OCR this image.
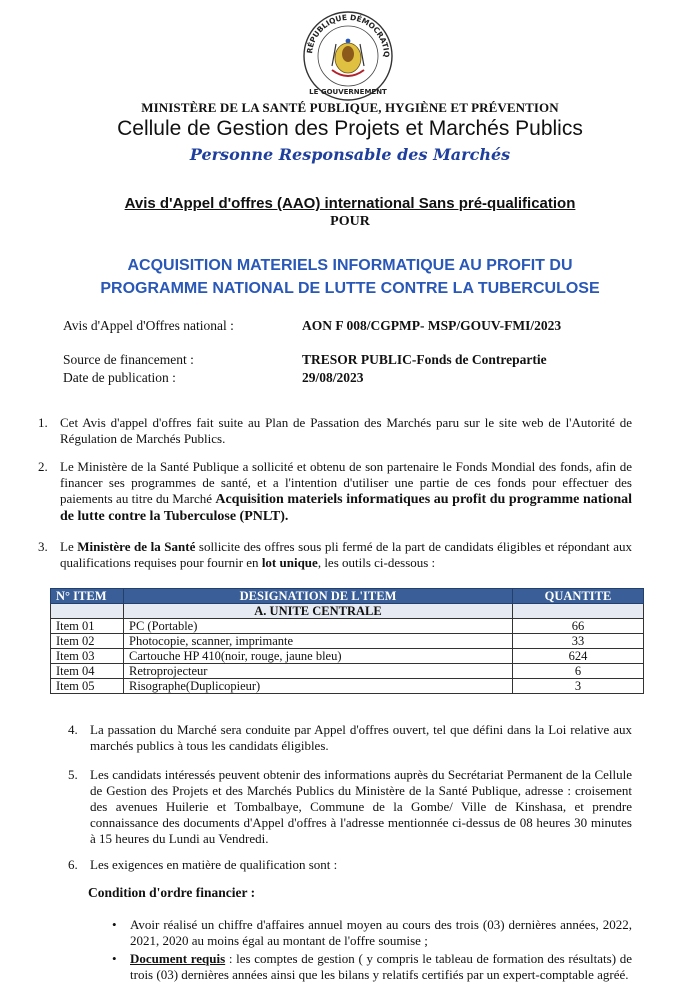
RÉPUBLIQUE DÉMOCRATIQ
LE GOUVERNEMENT
MINISTÈRE DE LA SANTÉ PUBLIQUE, HYGIÈNE ET PRÉVENTION
Cellule de Gestion des Projets et Marchés Publics
Personne Responsable des Marchés
Avis d'Appel d'offres (AAO) international Sans pré-qualification
POUR
ACQUISITION MATERIELS INFORMATIQUE AU PROFIT DU
PROGRAMME NATIONAL DE LUTTE CONTRE LA TUBERCULOSE
Avis d'Appel d'Offres national :	AON F 008/CGPMP- MSP/GOUV-FMI/2023
Source de financement :	TRESOR PUBLIC-Fonds de Contrepartie
Date de publication :	29/08/2023
1. Cet Avis d'appel d'offres fait suite au Plan de Passation des Marchés paru sur le site web de l'Autorité de Régulation de Marchés Publics.
2. Le Ministère de la Santé Publique a sollicité et obtenu de son partenaire le Fonds Mondial des fonds, afin de financer ses programmes de santé, et a l'intention d'utiliser une partie de ces fonds pour effectuer des paiements au titre du Marché Acquisition materiels informatiques au profit du programme national de lutte contre la Tuberculose (PNLT).
3. Le Ministère de la Santé sollicite des offres sous pli fermé de la part de candidats éligibles et répondant aux qualifications requises pour fournir en lot unique, les outils ci-dessous :
N° ITEM	DESIGNATION DE L'ITEM	QUANTITE
	A. UNITE CENTRALE	
Item 01	PC (Portable)	66
Item 02	Photocopie, scanner, imprimante	33
Item 03	Cartouche HP 410(noir, rouge, jaune bleu)	624
Item 04	Retroprojecteur	6
Item 05	Risographe(Duplicopieur)	3
4. La passation du Marché sera conduite par Appel d'offres ouvert, tel que défini dans la Loi relative aux marchés publics à tous les candidats éligibles.
5. Les candidats intéressés peuvent obtenir des informations auprès du Secrétariat Permanent de la Cellule de Gestion des Projets et des Marchés Publics du Ministère de la Santé Publique, adresse : croisement des avenues Huilerie et Tombalbaye, Commune de la Gombe/ Ville de Kinshasa, et prendre connaissance des documents d'Appel d'offres à l'adresse mentionnée ci-dessus de 08 heures 30 minutes à 15 heures du Lundi au Vendredi.
6. Les exigences en matière de qualification sont :
Condition d'ordre financier :
• Avoir réalisé un chiffre d'affaires annuel moyen au cours des trois (03) dernières années, 2022, 2021, 2020 au moins égal au montant de l'offre soumise ;
• Document requis : les comptes de gestion ( y compris le tableau de formation des résultats) de trois (03) dernières années ainsi que les bilans y relatifs certifiés par un expert-comptable agréé.
